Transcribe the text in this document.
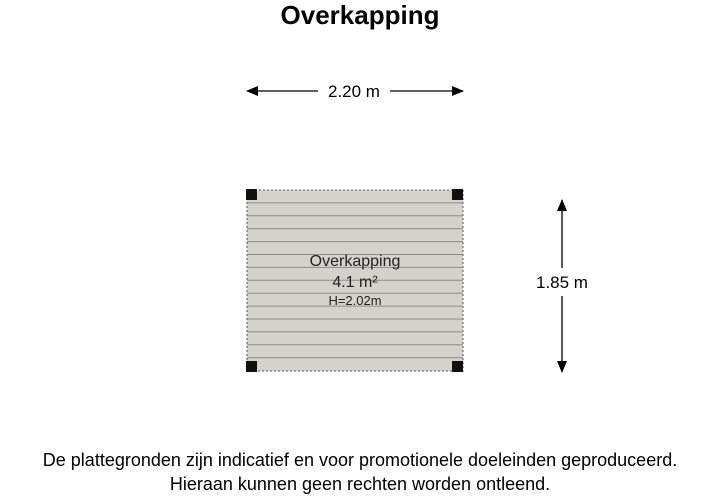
Overkapping
2.20 m
1.85 m
Overkapping
4.1 m²
H=2.02m
De plattegronden zijn indicatief en voor promotionele doeleinden geproduceerd.
Hieraan kunnen geen rechten worden ontleend.
